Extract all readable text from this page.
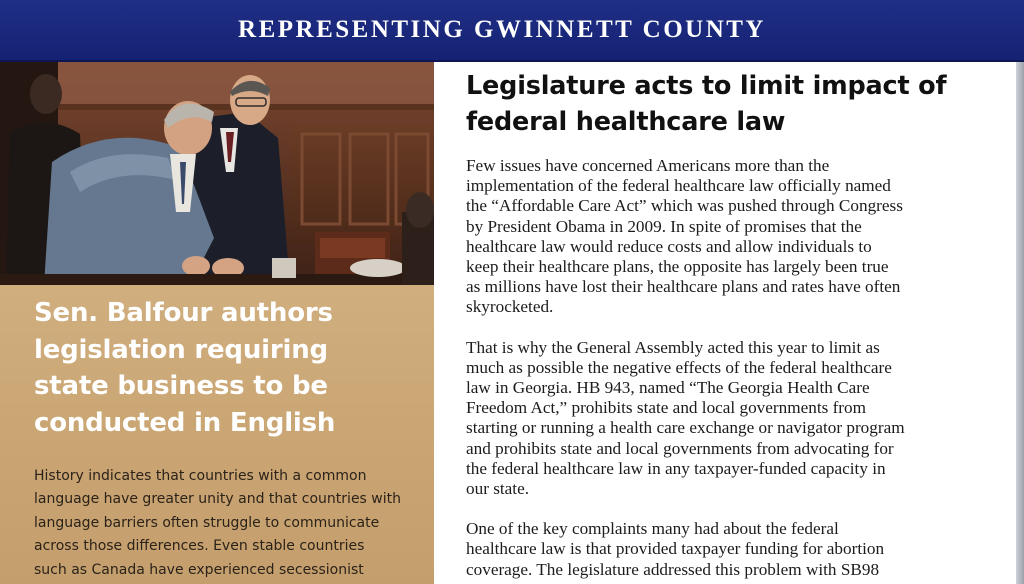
REPRESENTING GWINNETT COUNTY
Sen. Balfour authors
legislation requiring
state business to be
conducted in English

History indicates that countries with a common
language have greater unity and that countries with
language barriers often struggle to communicate
across those differences. Even stable countries
such as Canada have experienced secessionist

Legislature acts to limit impact of
federal healthcare law

Few issues have concerned Americans more than the
implementation of the federal healthcare law officially named
the “Affordable Care Act” which was pushed through Congress
by President Obama in 2009. In spite of promises that the
healthcare law would reduce costs and allow individuals to
keep their healthcare plans, the opposite has largely been true
as millions have lost their healthcare plans and rates have often
skyrocketed.

That is why the General Assembly acted this year to limit as
much as possible the negative effects of the federal healthcare
law in Georgia. HB 943, named “The Georgia Health Care
Freedom Act,” prohibits state and local governments from
starting or running a health care exchange or navigator program
and prohibits state and local governments from advocating for
the federal healthcare law in any taxpayer-funded capacity in
our state.

One of the key complaints many had about the federal
healthcare law is that provided taxpayer funding for abortion
coverage. The legislature addressed this problem with SB98
